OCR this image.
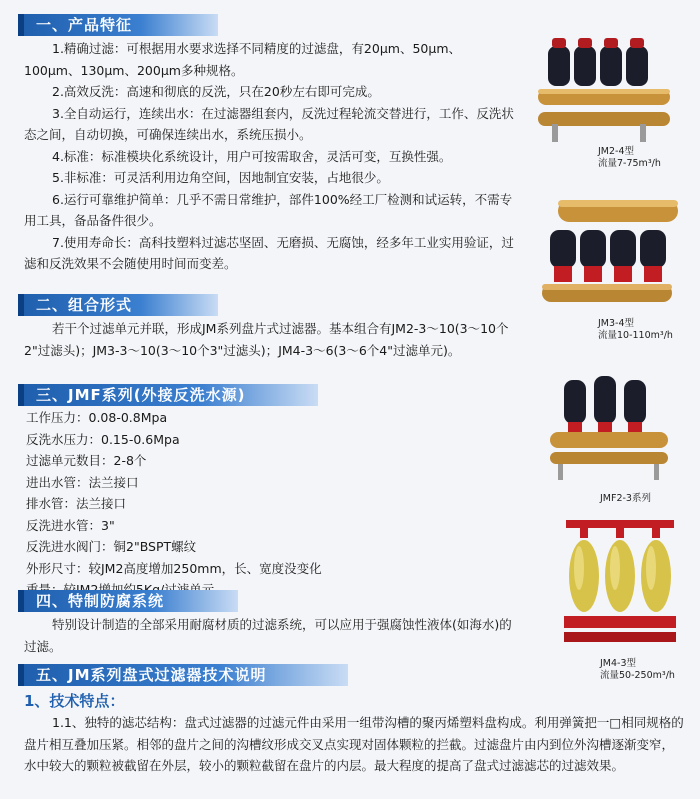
一、产品特征

1.精确过滤：可根据用水要求选择不同精度的过滤盘，有20μm、50μm、100μm、130μm、200μm多种规格。

2.高效反洗：高速和彻底的反洗，只在20秒左右即可完成。

3.全自动运行，连续出水：在过滤器组套内，反洗过程轮流交替进行，工作、反洗状态之间，自动切换，可确保连续出水，系统压损小。

4.标准：标准模块化系统设计，用户可按需取舍，灵活可变，互换性强。

5.非标准：可灵活利用边角空间，因地制宜安装，占地很少。

6.运行可靠维护简单：几乎不需日常维护，部件100%经工厂检测和试运转，不需专用工具，备品备件很少。

7.使用寿命长：高科技塑料过滤芯坚固、无磨损、无腐蚀，经多年工业实用验证，过滤和反洗效果不会随使用时间而变差。

二、组合形式

若干个过滤单元并联，形成JM系列盘片式过滤器。基本组合有JM2-3～10(3～10个2"过滤头)；JM3-3～10(3～10个3"过滤头)；JM4-3～6(3～6个4"过滤单元)。

三、JMF系列(外接反洗水源)

工作压力：0.08-0.8Mpa

反洗水压力：0.15-0.6Mpa

过滤单元数目：2-8个

进出水管：法兰接口

排水管：法兰接口

反洗进水管：3"

反洗进水阀门：铜2"BSPT螺纹

外形尺寸：较JM2高度增加250mm，长、宽度没变化

四、特制防腐系统

特别设计制造的全部采用耐腐材质的过滤系统，可以应用于强腐蚀性液体(如海水)的过滤。

五、JM系列盘式过滤器技术说明
1、技术特点：

1.1、独特的滤芯结构：盘式过滤器的过滤元件由采用一组带沟槽的聚丙烯塑料盘构成。利用弹簧把一□相同规格的盘片相互叠加压紧。相邻的盘片之间的沟槽纹形成交叉点实现对固体颗粒的拦截。过滤盘片由内到位外沟槽逐渐变窄，水中较大的颗粒被截留在外层，较小的颗粒截留在盘片的内层。最大程度的提高了盘式过滤滤芯的过滤效果。

JM2-4型
流量7-75m³/h
JM3-4型
流量10-110m³/h
JMF2-3系列
JM4-3型
流量50-250m³/h
